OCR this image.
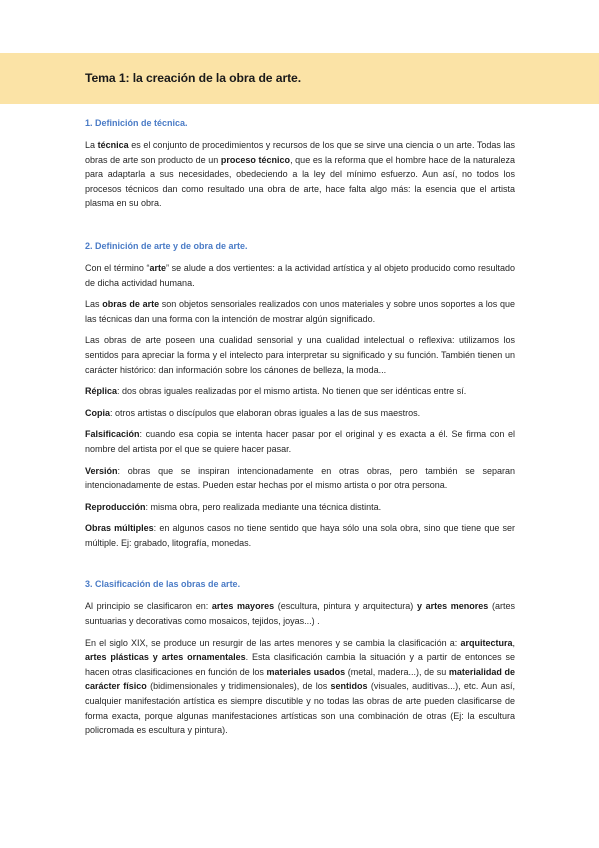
Tema 1: la creación de la obra de arte.
1. Definición de técnica.

La técnica es el conjunto de procedimientos y recursos de los que se sirve una ciencia o un arte. Todas las obras de arte son producto de un proceso técnico, que es la reforma que el hombre hace de la naturaleza para adaptarla a sus necesidades, obedeciendo a la ley del mínimo esfuerzo. Aun así, no todos los procesos técnicos dan como resultado una obra de arte, hace falta algo más: la esencia que el artista plasma en su obra.

2. Definición de arte y de obra de arte.

Con el término “arte” se alude a dos vertientes: a la actividad artística y al objeto producido como resultado de dicha actividad humana.

Las obras de arte son objetos sensoriales realizados con unos materiales y sobre unos soportes a los que las técnicas dan una forma con la intención de mostrar algún significado.

Las obras de arte poseen una cualidad sensorial y una cualidad intelectual o reflexiva: utilizamos los sentidos para apreciar la forma y el intelecto para interpretar su significado y su función. También tienen un carácter histórico: dan información sobre los cánones de belleza, la moda...

Réplica: dos obras iguales realizadas por el mismo artista. No tienen que ser idénticas entre sí.

Copia: otros artistas o discípulos que elaboran obras iguales a las de sus maestros.

Falsificación: cuando esa copia se intenta hacer pasar por el original y es exacta a él. Se firma con el nombre del artista por el que se quiere hacer pasar.

Versión: obras que se inspiran intencionadamente en otras obras, pero también se separan intencionadamente de estas. Pueden estar hechas por el mismo artista o por otra persona.

Reproducción: misma obra, pero realizada mediante una técnica distinta.

Obras múltiples: en algunos casos no tiene sentido que haya sólo una sola obra, sino que tiene que ser múltiple. Ej: grabado, litografía, monedas.

3. Clasificación de las obras de arte.

Al principio se clasificaron en: artes mayores (escultura, pintura y arquitectura) y artes menores (artes suntuarias y decorativas como mosaicos, tejidos, joyas...) .

En el siglo XIX, se produce un resurgir de las artes menores y se cambia la clasificación a: arquitectura, artes plásticas y artes ornamentales. Esta clasificación cambia la situación y a partir de entonces se hacen otras clasificaciones en función de los materiales usados (metal, madera...), de su materialidad de carácter físico (bidimensionales y tridimensionales), de los sentidos (visuales, auditivas...), etc. Aun así, cualquier manifestación artística es siempre discutible y no todas las obras de arte pueden clasificarse de forma exacta, porque algunas manifestaciones artísticas son una combinación de otras (Ej: la escultura policromada es escultura y pintura).
